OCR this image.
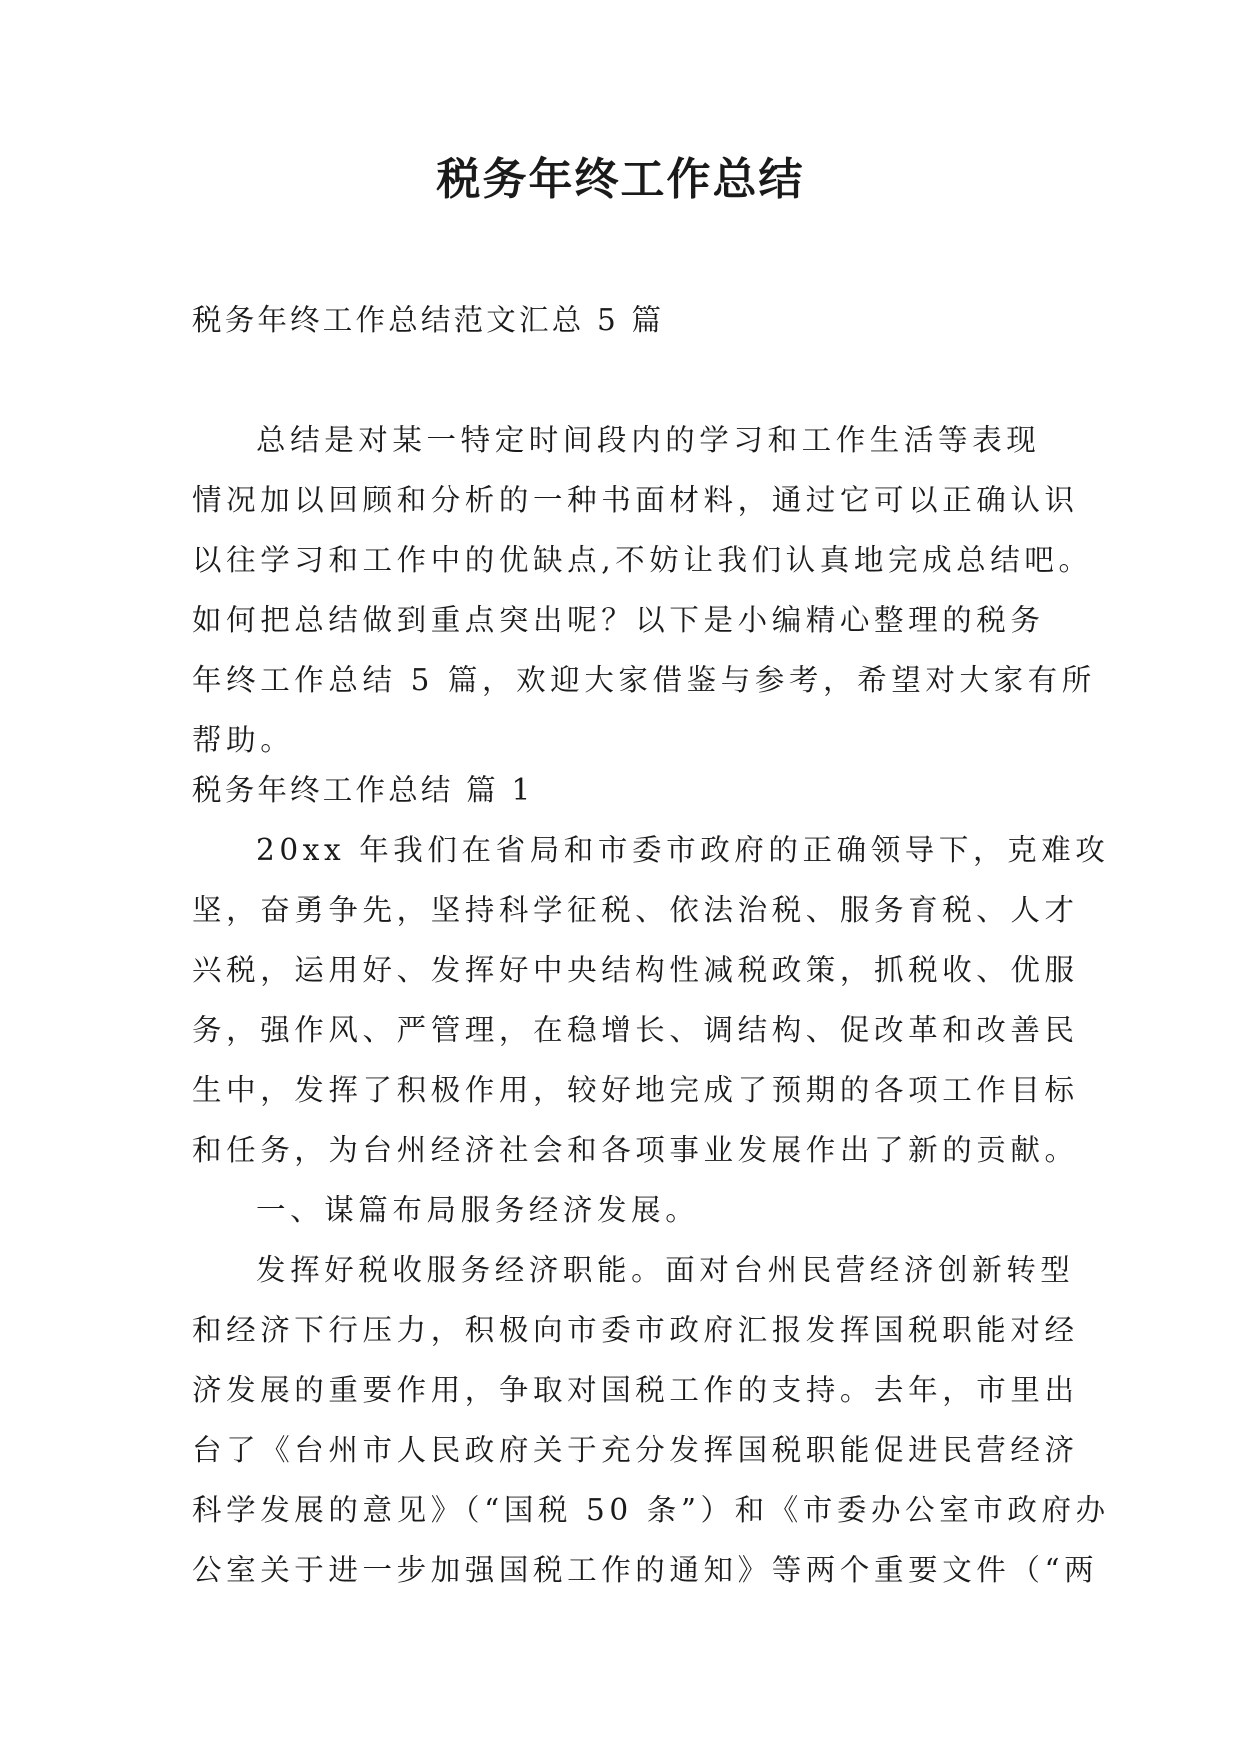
税务年终工作总结

税务年终工作总结范文汇总 5 篇

总结是对某一特定时间段内的学习和工作生活等表现
情况加以回顾和分析的一种书面材料，通过它可以正确认识
以往学习和工作中的优缺点,不妨让我们认真地完成总结吧。
如何把总结做到重点突出呢？以下是小编精心整理的税务
年终工作总结 5 篇，欢迎大家借鉴与参考，希望对大家有所
帮助。

税务年终工作总结 篇 1

20xx 年我们在省局和市委市政府的正确领导下，克难攻
坚，奋勇争先，坚持科学征税、依法治税、服务育税、人才
兴税，运用好、发挥好中央结构性减税政策，抓税收、优服
务，强作风、严管理，在稳增长、调结构、促改革和改善民
生中，发挥了积极作用，较好地完成了预期的各项工作目标
和任务，为台州经济社会和各项事业发展作出了新的贡献。
一、谋篇布局服务经济发展。
发挥好税收服务经济职能。面对台州民营经济创新转型
和经济下行压力，积极向市委市政府汇报发挥国税职能对经
济发展的重要作用，争取对国税工作的支持。去年，市里出
台了《台州市人民政府关于充分发挥国税职能促进民营经济
科学发展的意见》（“国税 50 条”）和《市委办公室市政府办
公室关于进一步加强国税工作的通知》等两个重要文件（“两
